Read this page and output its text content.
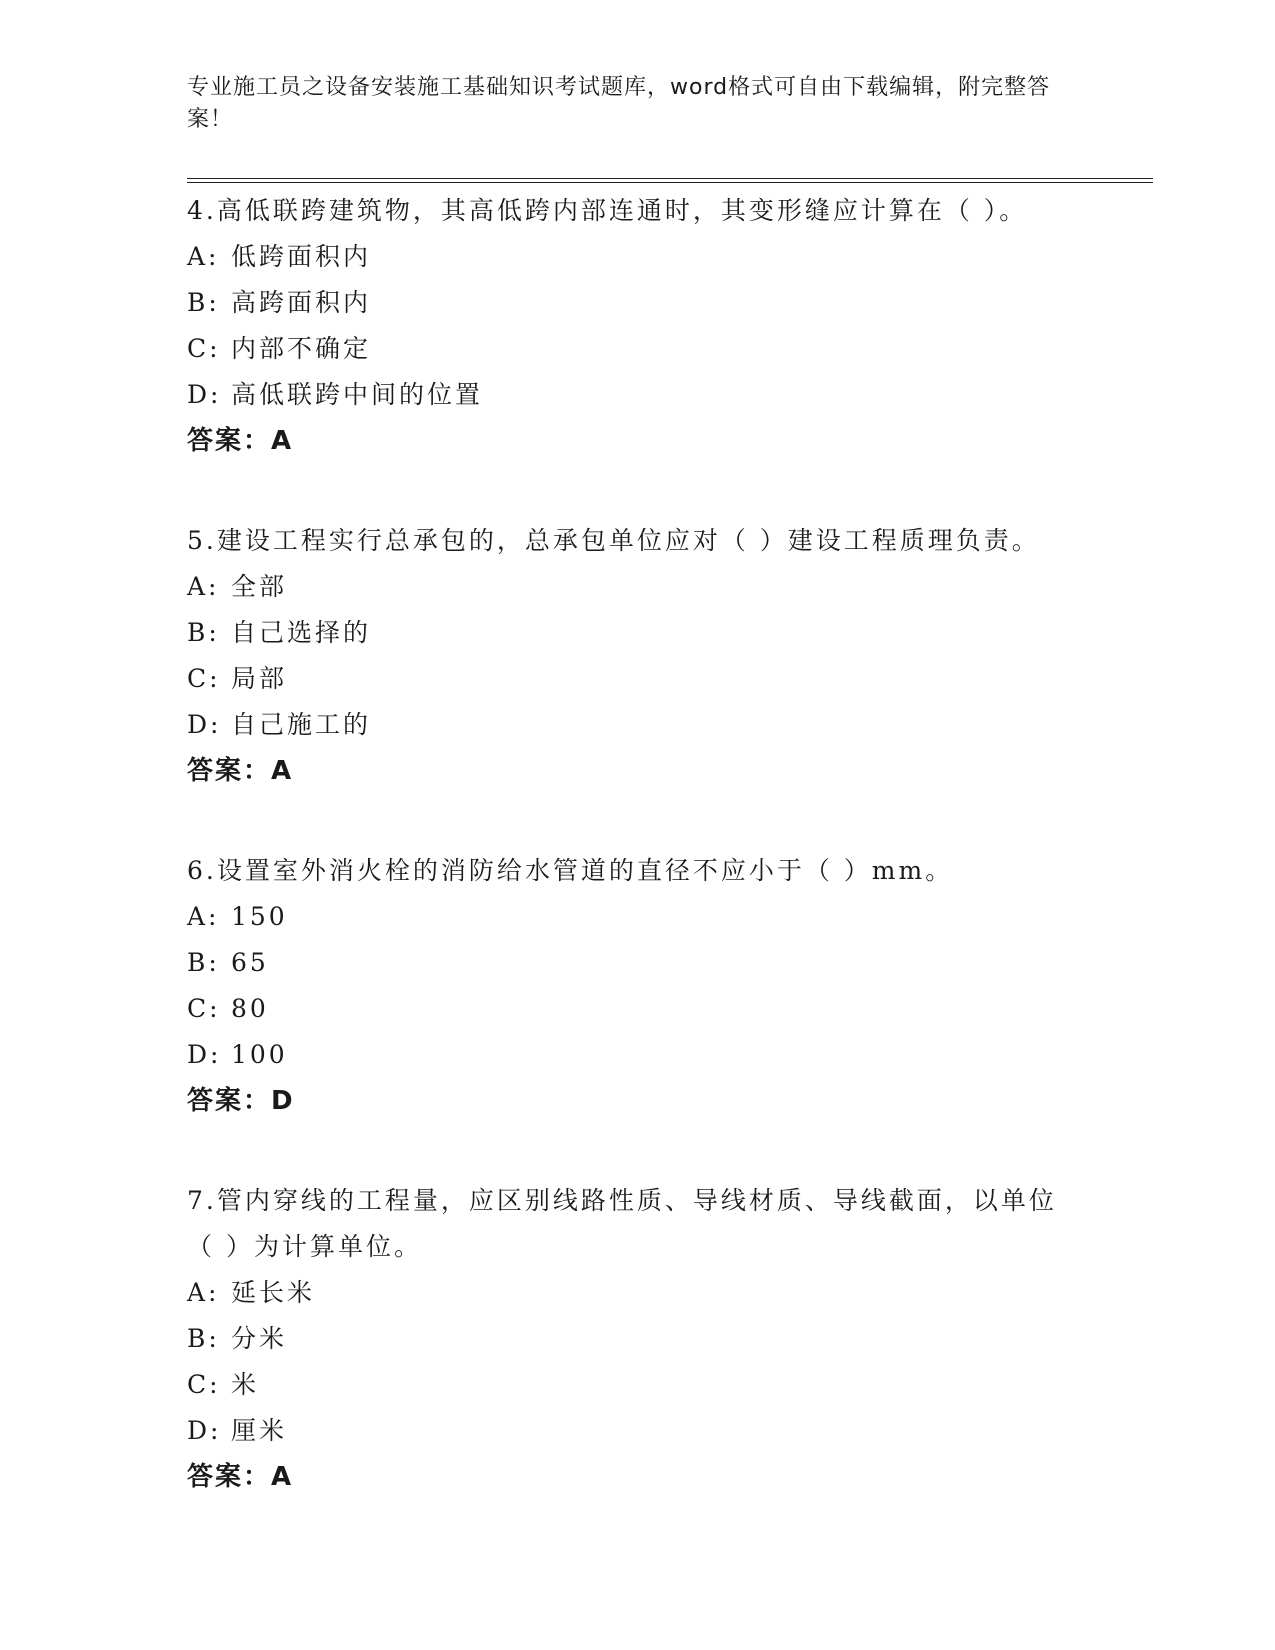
专业施工员之设备安装施工基础知识考试题库，word格式可自由下载编辑，附完整答案！
4.高低联跨建筑物，其高低跨内部连通时，其变形缝应计算在（ ）。
A: 低跨面积内
B: 高跨面积内
C: 内部不确定
D: 高低联跨中间的位置
答案：A
5.建设工程实行总承包的，总承包单位应对（ ）建设工程质理负责。
A: 全部
B: 自己选择的
C: 局部
D: 自己施工的
答案：A
6.设置室外消火栓的消防给水管道的直径不应小于（ ）mm。
A: 150
B: 65
C: 80
D: 100
答案：D
7.管内穿线的工程量，应区别线路性质、导线材质、导线截面，以单位（ ）为计算单位。
A: 延长米
B: 分米
C: 米
D: 厘米
答案：A
